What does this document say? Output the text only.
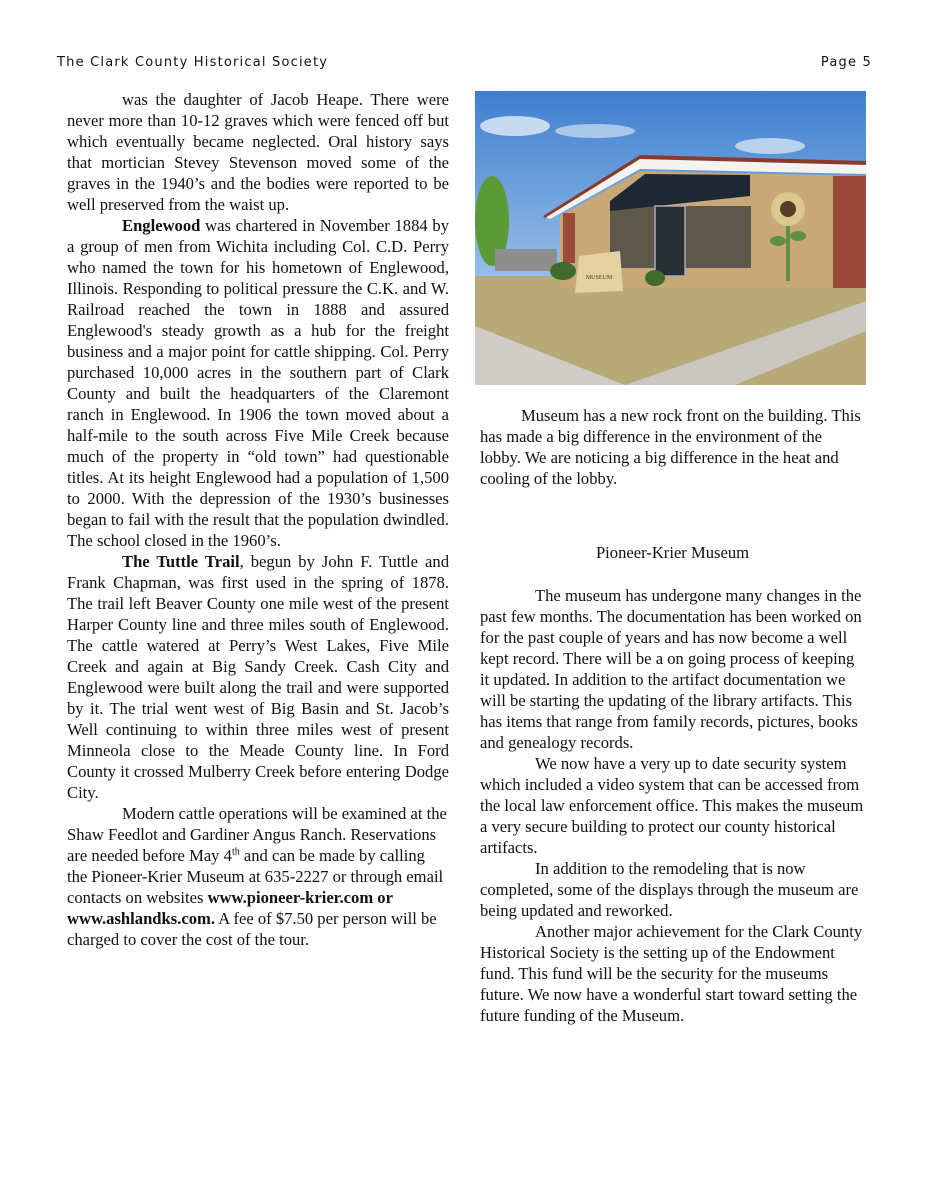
The Clark County Historical Society	Page 5

was the daughter of Jacob Heape. There were never more than 10-12 graves which were fenced off but which eventually became neglected. Oral history says that mortician Stevey Stevenson moved some of the graves in the 1940’s and the bodies were reported to be well preserved from the waist up.

Englewood was chartered in November 1884 by a group of men from Wichita including Col. C.D. Perry who named the town for his hometown of Englewood, Illinois. Responding to political pressure the C.K. and W. Railroad reached the town in 1888 and assured Englewood's steady growth as a hub for the freight business and a major point for cattle shipping. Col. Perry purchased 10,000 acres in the southern part of Clark County and built the headquarters of the Claremont ranch in Englewood. In 1906 the town moved about a half-mile to the south across Five Mile Creek because much of the property in “old town” had questionable titles. At its height Englewood had a population of 1,500 to 2000. With the depression of the 1930’s businesses began to fail with the result that the population dwindled. The school closed in the 1960’s.

The Tuttle Trail, begun by John F. Tuttle and Frank Chapman, was first used in the spring of 1878. The trail left Beaver County one mile west of the present Harper County line and three miles south of Englewood. The cattle watered at Perry’s West Lakes, Five Mile Creek and again at Big Sandy Creek. Cash City and Englewood were built along the trail and were supported by it. The trial went west of Big Basin and St. Jacob’s Well continuing to within three miles west of present Minneola close to the Meade County line. In Ford County it crossed Mulberry Creek before entering Dodge City.

Modern cattle operations will be examined at the Shaw Feedlot and Gardiner Angus Ranch. Reservations are needed before May 4th and can be made by calling the Pioneer-Krier Museum at 635-2227 or through email contacts on websites www.pioneer-krier.com or www.ashlandks.com. A fee of $7.50 per person will be charged to cover the cost of the tour.

MUSEUM

Museum has a new rock front on the building. This has made a big difference in the environment of the lobby. We are noticing a big difference in the heat and cooling of the lobby.

Pioneer-Krier Museum

The museum has undergone many changes in the past few months. The documentation has been worked on for the past couple of years and has now become a well kept record. There will be a on going process of keeping it updated. In addition to the artifact documentation we will be starting the updating of the library artifacts. This has items that range from family records, pictures, books and genealogy records.

We now have a very up to date security system which included a video system that can be accessed from the local law enforcement office. This makes the museum a very secure building to protect our county historical artifacts.

In addition to the remodeling that is now completed, some of the displays through the museum are being updated and reworked.

Another major achievement for the Clark County Historical Society is the setting up of the Endowment fund. This fund will be the security for the museums future. We now have a wonderful start toward setting the future funding of the Museum.
